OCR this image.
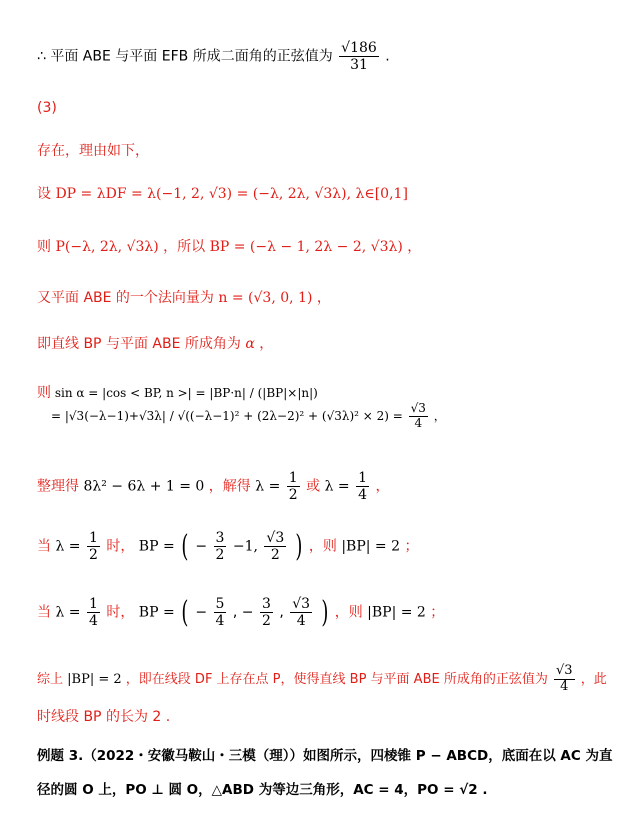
∴ 平面 ABE 与平面 EFB 所成二面角的正弦值为 $\frac{√186}{31}$ .
(3)
存在，理由如下，
设 DP = λDF = λ(−1, 2, √3) = (−λ, 2λ, √3λ), λ∈[0,1]
则 P(−λ, 2λ, √3λ) ，所以 BP = (−λ − 1, 2λ − 2, √3λ) ，
又平面 ABE 的一个法向量为 n = (√3, 0, 1) ，
即直线 BP 与平面 ABE 所成角为 α ，
则 sin α = |cos < BP, n >| = |BP·n| / (|BP|×|n|)
= $|√3(-\lambda-1)+√3\lambda| / √((-\lambda-1)^2 + (2\lambda-2)^2 + (√3\lambda)^2 \times 2) = \frac{√3}{4}$ ，
整理得 8λ² − 6λ + 1 = 0 ，解得 $\lambda = \frac{1}{2}$ 或 $\lambda = \frac{1}{4}$ ，
当 $\lambda = \frac{1}{2}$ 时， BP = ( − $\frac{3}{2} -1$, $\frac{√3}{2}$ ) ，则 |BP| = 2 ；
当 $\lambda = \frac{1}{4}$ 时， BP = ( − $\frac{5}{4}$ , − $\frac{3}{2}$ , $\frac{√3}{4}$ ) ，则 |BP| = 2 ；
综上 |BP| = 2 ，即在线段 DF 上存在点 P，使得直线 BP 与平面 ABE 所成角的正弦值为 $\frac{√3}{4}$ ，此
时线段 BP 的长为 2 .
例题 3.（2022・安徽马鞍山・三模（理））如图所示，四棱锥 P − ABCD，底面在以 AC 为直
径的圆 O 上，PO ⊥ 圆 O，△ABD 为等边三角形，AC = 4，PO = √2 .
